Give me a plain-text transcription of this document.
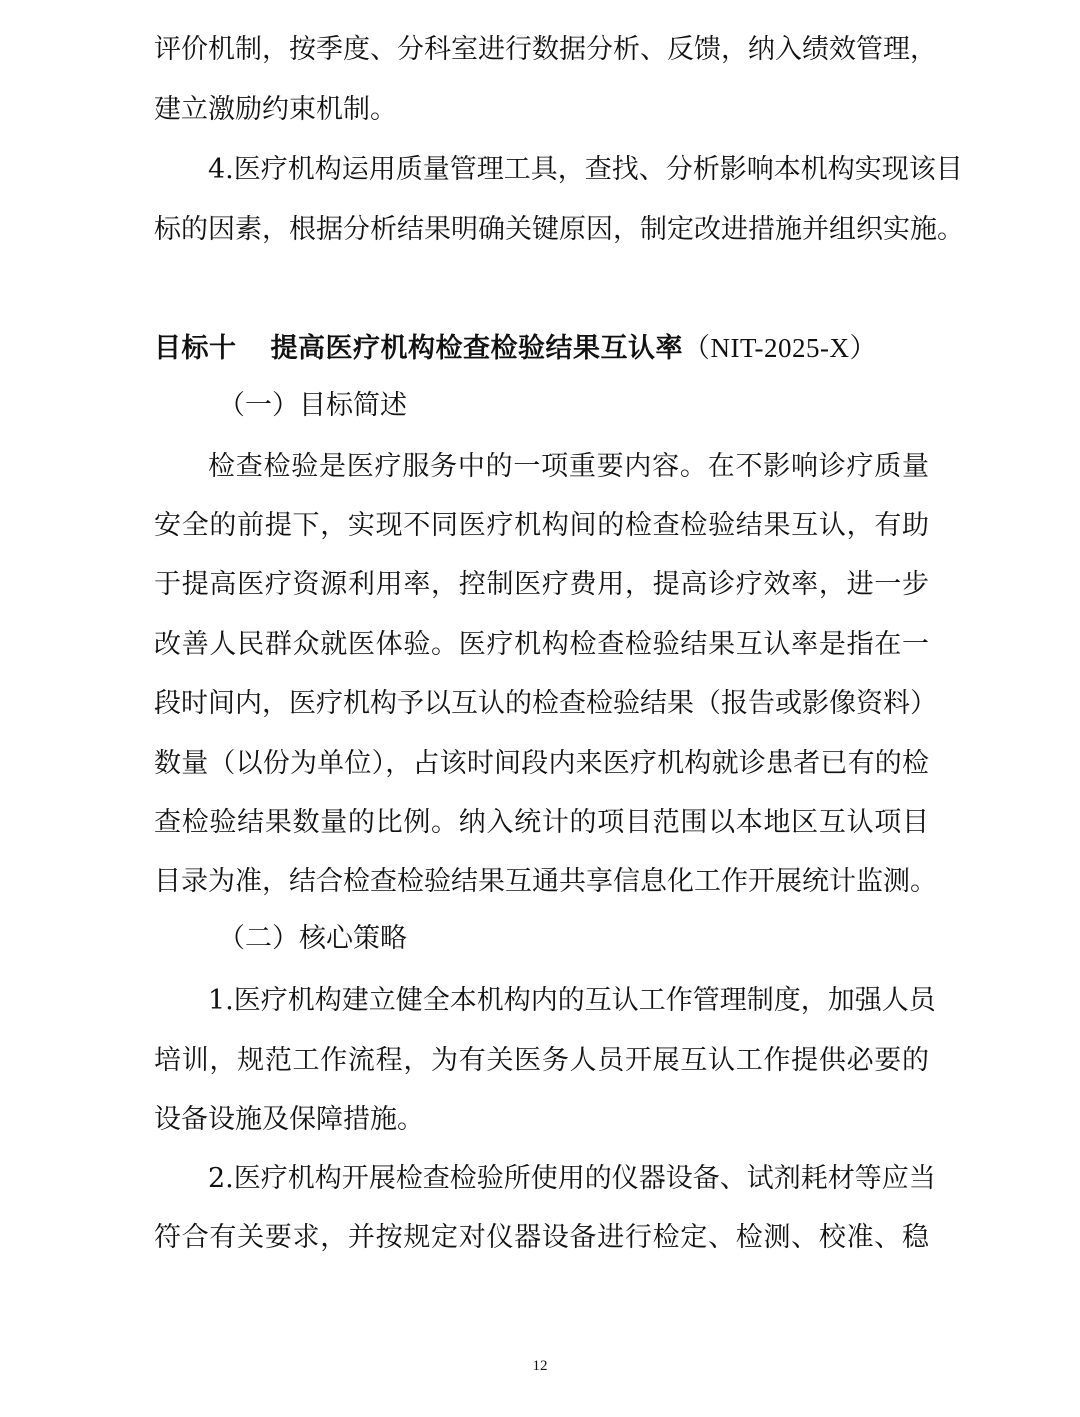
评价机制，按季度、分科室进行数据分析、反馈，纳入绩效管理，

建立激励约束机制。

4.医疗机构运用质量管理工具，查找、分析影响本机构实现该目

标的因素，根据分析结果明确关键原因，制定改进措施并组织实施。

目标十 提高医疗机构检查检验结果互认率（NIT-2025-X）

（一）目标简述

检查检验是医疗服务中的一项重要内容。在不影响诊疗质量

安全的前提下，实现不同医疗机构间的检查检验结果互认，有助

于提高医疗资源利用率，控制医疗费用，提高诊疗效率，进一步

改善人民群众就医体验。医疗机构检查检验结果互认率是指在一

段时间内，医疗机构予以互认的检查检验结果（报告或影像资料）

数量（以份为单位），占该时间段内来医疗机构就诊患者已有的检

查检验结果数量的比例。纳入统计的项目范围以本地区互认项目

目录为准，结合检查检验结果互通共享信息化工作开展统计监测。

（二）核心策略

1.医疗机构建立健全本机构内的互认工作管理制度，加强人员

培训，规范工作流程，为有关医务人员开展互认工作提供必要的

设备设施及保障措施。

2.医疗机构开展检查检验所使用的仪器设备、试剂耗材等应当

符合有关要求，并按规定对仪器设备进行检定、检测、校准、稳

12
